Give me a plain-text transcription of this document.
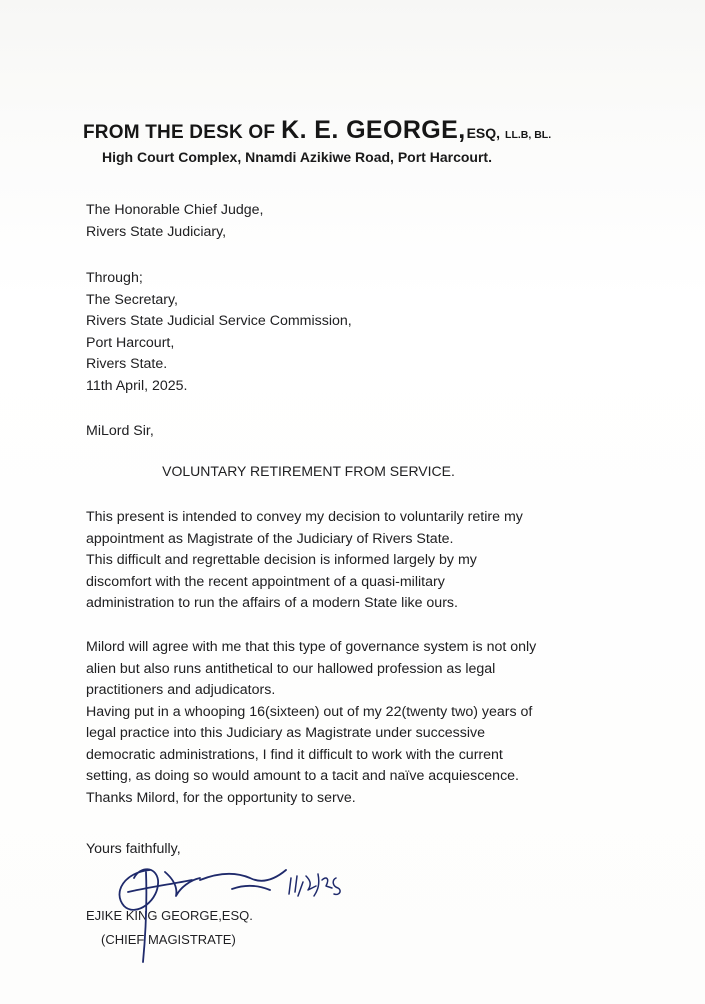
FROM THE DESK OF K. E. GEORGE,ESQ, LL.B, BL.
High Court Complex, Nnamdi Azikiwe Road, Port Harcourt.
The Honorable Chief Judge,
Rivers State Judiciary,
Through;
The Secretary,
Rivers State Judicial Service Commission,
Port Harcourt,
Rivers State.
11th April, 2025.
MiLord Sir,
VOLUNTARY RETIREMENT FROM SERVICE.
This present is intended to convey my decision to voluntarily retire my
appointment as Magistrate of the Judiciary of Rivers State.
This difficult and regrettable decision is informed largely by my
discomfort with the recent appointment of a quasi-military
administration to run the affairs of a modern State like ours.
Milord will agree with me that this type of governance system is not only
alien but also runs antithetical to our hallowed profession as legal
practitioners and adjudicators.
Having put in a whooping 16(sixteen) out of my 22(twenty two) years of
legal practice into this Judiciary as Magistrate under successive
democratic administrations, I find it difficult to work with the current
setting, as doing so would amount to a tacit and naïve acquiescence.
Thanks Milord, for the opportunity to serve.
Yours faithfully,
EJIKE KING GEORGE,ESQ.
(CHIEF MAGISTRATE)
11/4/25
